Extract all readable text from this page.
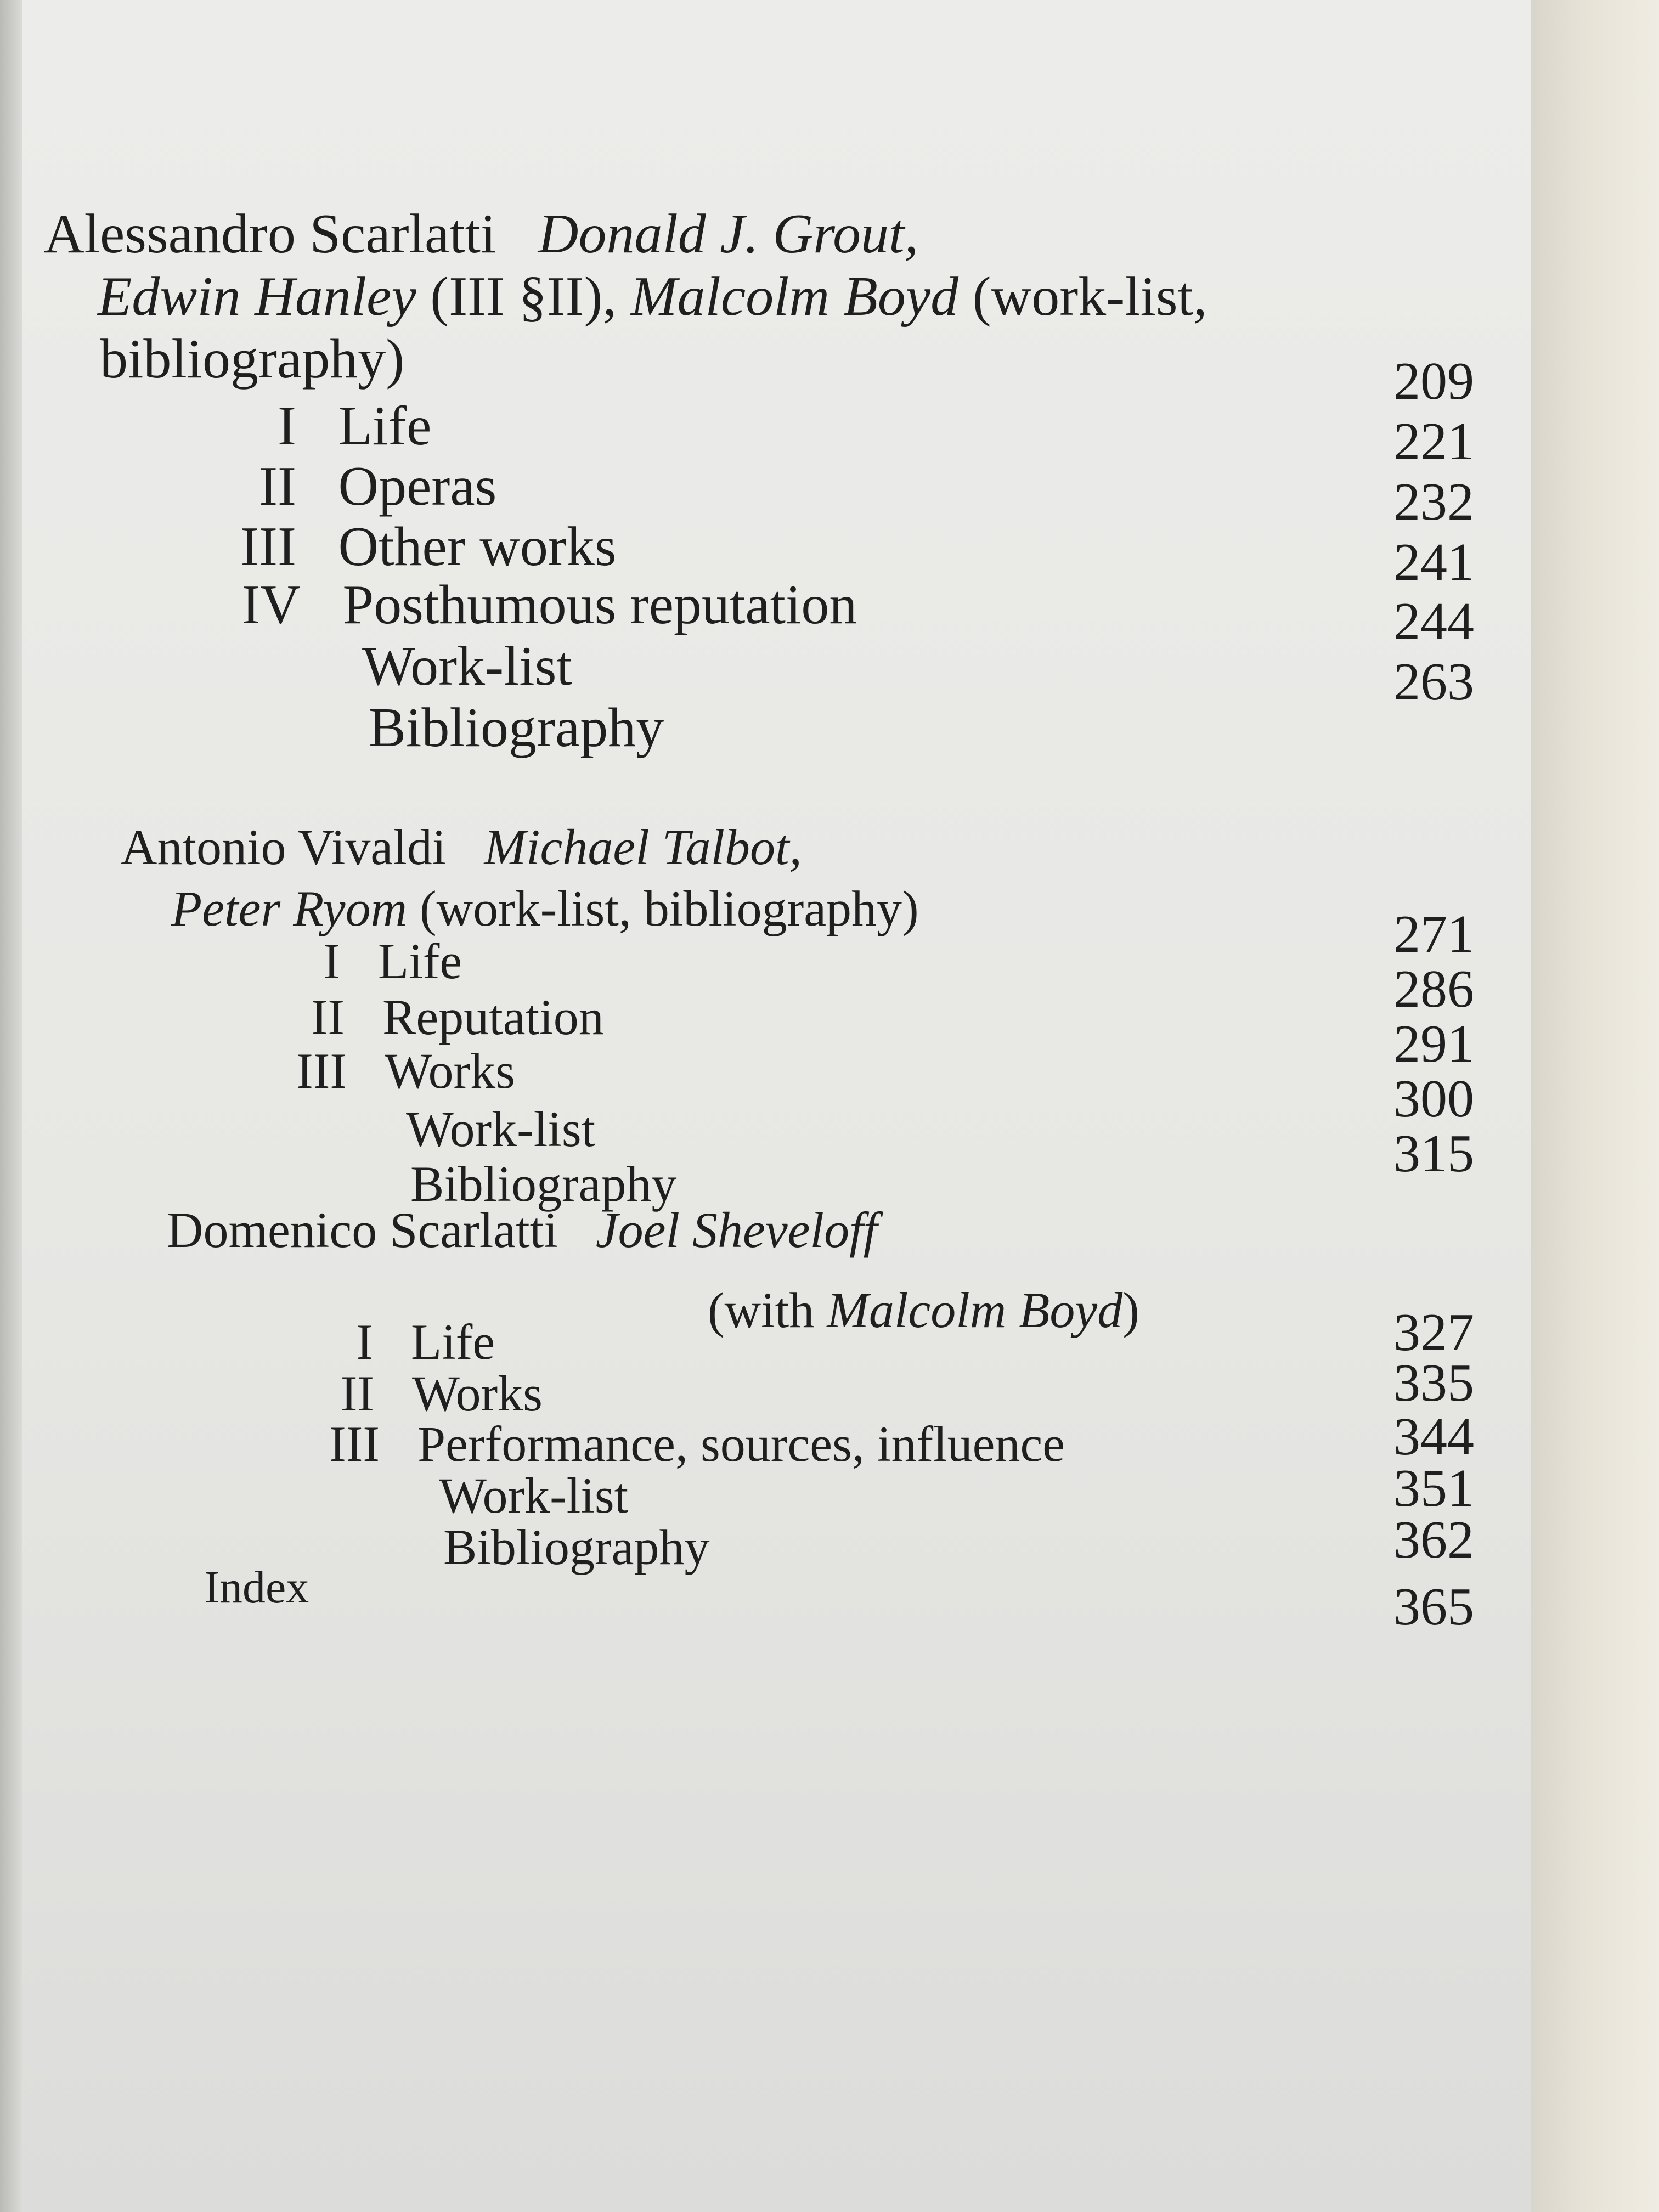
Alessandro Scarlatti Donald J. Grout,
Edwin Hanley (III §II), Malcolm Boyd (work-list,
bibliography)
I Life
II Operas
III Other works
IV Posthumous reputation
Work-list
Bibliography
209
221
232
241
244
263
Antonio Vivaldi Michael Talbot,
Peter Ryom (work-list, bibliography)
I Life
II Reputation
III Works
Work-list
Bibliography
271
286
291
300
315
Domenico Scarlatti Joel Sheveloff
(with Malcolm Boyd)
I Life
II Works
III Performance, sources, influence
Work-list
Bibliography
327
335
344
351
362
Index	365
